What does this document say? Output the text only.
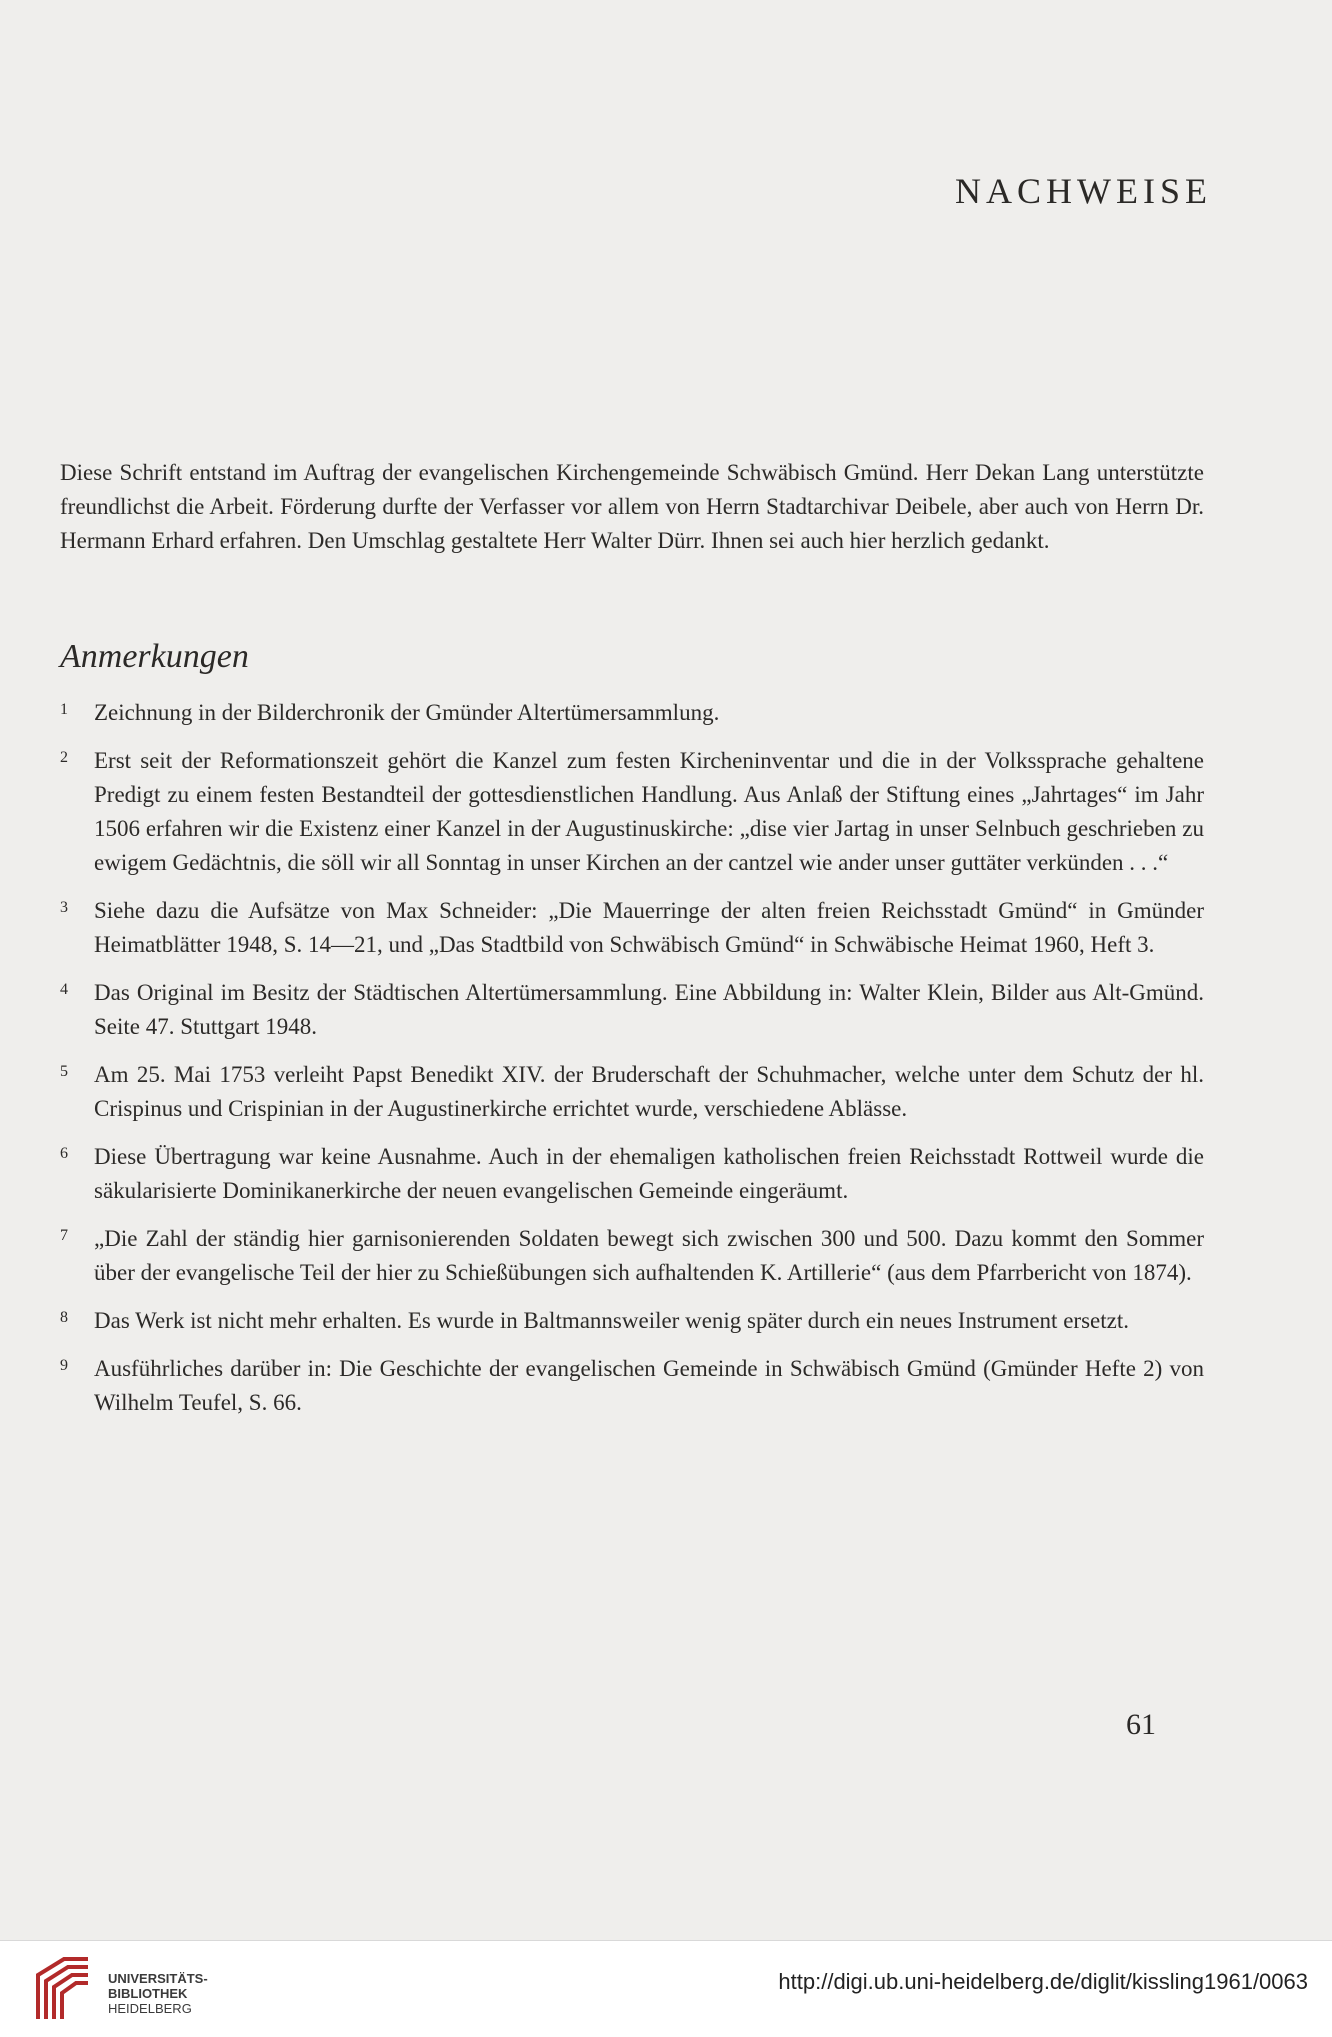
NACHWEISE

Diese Schrift entstand im Auftrag der evangelischen Kirchengemeinde Schwäbisch Gmünd. Herr Dekan Lang unterstützte freundlichst die Arbeit. Förderung durfte der Verfasser vor allem von Herrn Stadtarchivar Deibele, aber auch von Herrn Dr. Hermann Erhard erfahren. Den Umschlag gestaltete Herr Walter Dürr. Ihnen sei auch hier herzlich gedankt.

Anmerkungen
1	Zeichnung in der Bilderchronik der Gmünder Altertümersammlung.
2	Erst seit der Reformationszeit gehört die Kanzel zum festen Kircheninventar und die in der Volkssprache gehaltene Predigt zu einem festen Bestandteil der gottesdienstlichen Handlung. Aus Anlaß der Stiftung eines „Jahrtages“ im Jahr 1506 erfahren wir die Existenz einer Kanzel in der Augustinuskirche: „dise vier Jartag in unser Selnbuch geschrieben zu ewigem Gedächtnis, die söll wir all Sonntag in unser Kirchen an der cantzel wie ander unser guttäter verkünden . . .“
3	Siehe dazu die Aufsätze von Max Schneider: „Die Mauerringe der alten freien Reichsstadt Gmünd“ in Gmünder Heimatblätter 1948, S. 14—21, und „Das Stadtbild von Schwäbisch Gmünd“ in Schwäbische Heimat 1960, Heft 3.
4	Das Original im Besitz der Städtischen Altertümersammlung. Eine Abbildung in: Walter Klein, Bilder aus Alt-Gmünd. Seite 47. Stuttgart 1948.
5	Am 25. Mai 1753 verleiht Papst Benedikt XIV. der Bruderschaft der Schuhmacher, welche unter dem Schutz der hl. Crispinus und Crispinian in der Augustinerkirche errichtet wurde, verschiedene Ablässe.
6	Diese Übertragung war keine Ausnahme. Auch in der ehemaligen katholischen freien Reichsstadt Rottweil wurde die säkularisierte Dominikanerkirche der neuen evangelischen Gemeinde eingeräumt.
7	„Die Zahl der ständig hier garnisonierenden Soldaten bewegt sich zwischen 300 und 500. Dazu kommt den Sommer über der evangelische Teil der hier zu Schießübungen sich aufhaltenden K. Artillerie“ (aus dem Pfarrbericht von 1874).
8	Das Werk ist nicht mehr erhalten. Es wurde in Baltmannsweiler wenig später durch ein neues Instrument ersetzt.
9	Ausführliches darüber in: Die Geschichte der evangelischen Gemeinde in Schwäbisch Gmünd (Gmünder Hefte 2) von Wilhelm Teufel, S. 66.
61
UNIVERSITÄTS-
BIBLIOTHEK
HEIDELBERG
http://digi.ub.uni-heidelberg.de/diglit/kissling1961/0063
